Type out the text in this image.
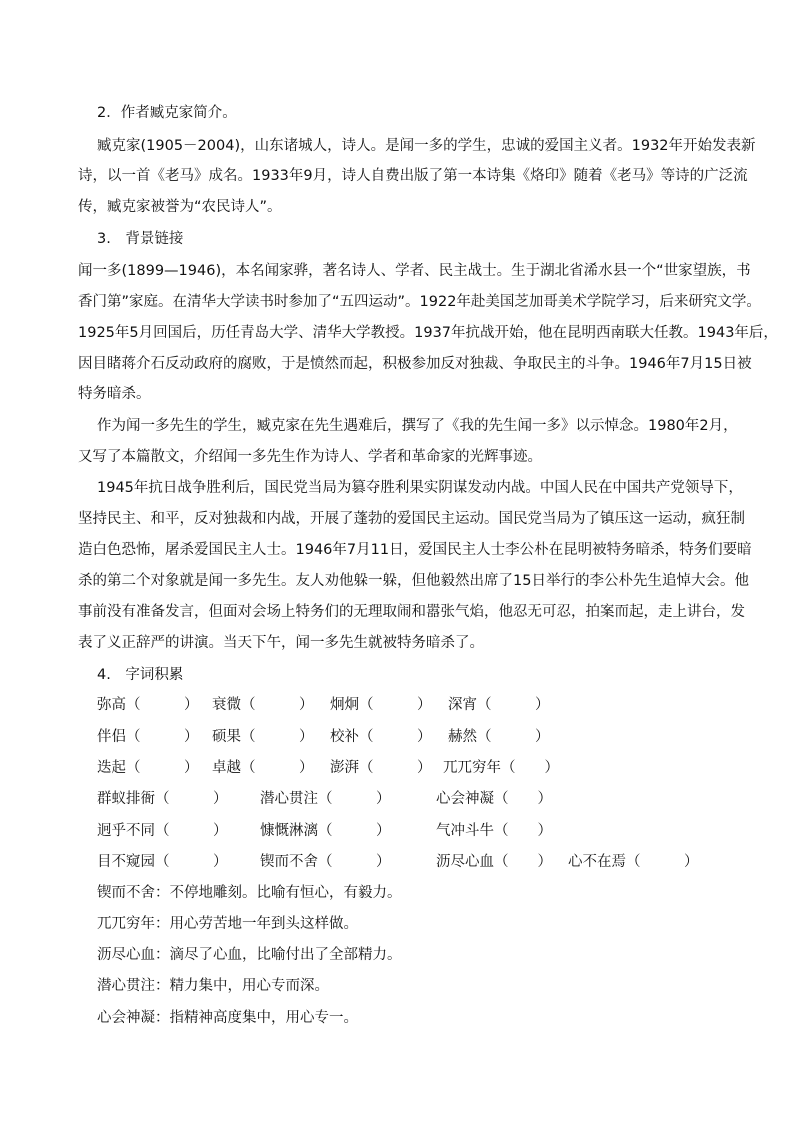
2．作者臧克家简介。
臧克家(1905－2004)，山东诸城人，诗人。是闻一多的学生，忠诚的爱国主义者。1932年开始发表新
诗，以一首《老马》成名。1933年9月，诗人自费出版了第一本诗集《烙印》随着《老马》等诗的广泛流
传，臧克家被誉为“农民诗人”。
3.　背景链接
闻一多(1899—1946)，本名闻家骅，著名诗人、学者、民主战士。生于湖北省浠水县一个“世家望族，书
香门第”家庭。在清华大学读书时参加了“五四运动”。1922年赴美国芝加哥美术学院学习，后来研究文学。
1925年5月回国后，历任青岛大学、清华大学教授。1937年抗战开始，他在昆明西南联大任教。1943年后，
因目睹蒋介石反动政府的腐败，于是愤然而起，积极参加反对独裁、争取民主的斗争。1946年7月15日被
特务暗杀。
作为闻一多先生的学生，臧克家在先生遇难后，撰写了《我的先生闻一多》以示悼念。1980年2月，
又写了本篇散文，介绍闻一多先生作为诗人、学者和革命家的光辉事迹。
1945年抗日战争胜利后，国民党当局为篡夺胜利果实阴谋发动内战。中国人民在中国共产党领导下，
坚持民主、和平，反对独裁和内战，开展了蓬勃的爱国民主运动。国民党当局为了镇压这一运动，疯狂制
造白色恐怖，屠杀爱国民主人士。1946年7月11日，爱国民主人士李公朴在昆明被特务暗杀，特务们要暗
杀的第二个对象就是闻一多先生。友人劝他躲一躲，但他毅然出席了15日举行的李公朴先生追悼大会。他
事前没有准备发言，但面对会场上特务们的无理取闹和嚣张气焰，他忍无可忍，拍案而起，走上讲台，发
表了义正辞严的讲演。当天下午，闻一多先生就被特务暗杀了。
4.　字词积累
弥高（　　　） 衰微（　　　） 炯炯（　　　） 深宵（　　　）
伴侣（　　　） 硕果（　　　） 校补（　　　） 赫然（　　　）
迭起（　　　） 卓越（　　　） 澎湃（　　　） 兀兀穷年（　　）
群蚁排衙（　　　） 潜心贯注（　　　）	心会神凝（　　）
迥乎不同（　　　） 慷慨淋漓（　　　）	气冲斗牛（　　）
目不窥园（　　　） 锲而不舍（　　　）	沥尽心血（　　） 心不在焉（　　　）
锲而不舍：不停地雕刻。比喻有恒心，有毅力。
兀兀穷年：用心劳苦地一年到头这样做。
沥尽心血：滴尽了心血，比喻付出了全部精力。
潜心贯注：精力集中，用心专而深。
心会神凝：指精神高度集中，用心专一。
